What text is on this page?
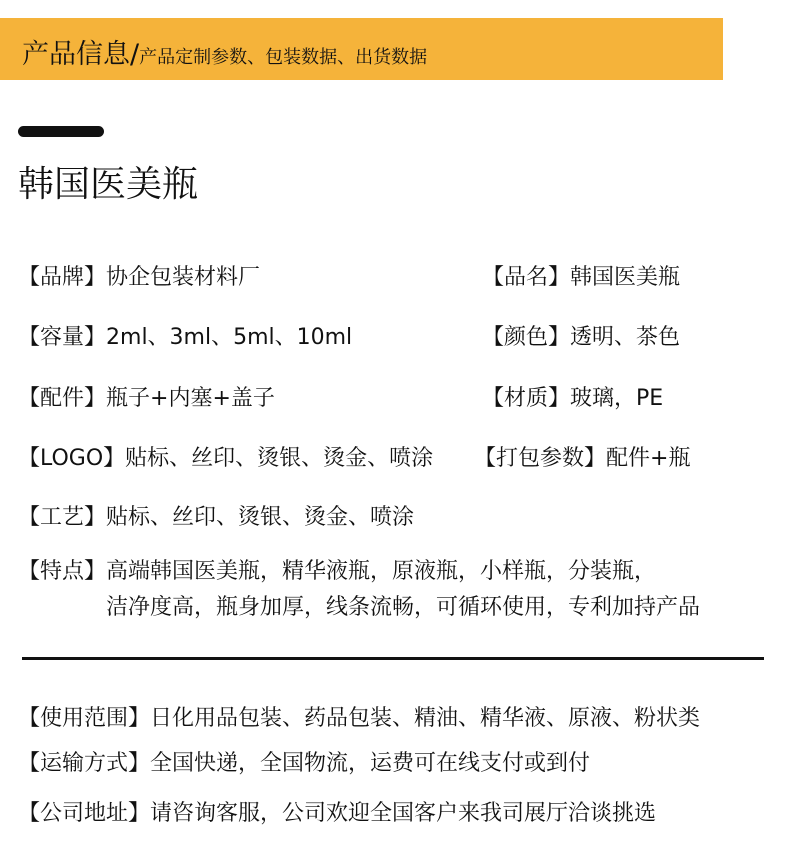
产品信息/产品定制参数、包装数据、出货数据
韩国医美瓶
【品牌】协企包装材料厂	【品名】韩国医美瓶
【容量】2ml、3ml、5ml、10ml	【颜色】透明、茶色
【配件】瓶子+内塞+盖子	【材质】玻璃，PE
【LOGO】贴标、丝印、烫银、烫金、喷涂 【打包参数】配件+瓶
【工艺】贴标、丝印、烫银、烫金、喷涂
【特点】高端韩国医美瓶，精华液瓶，原液瓶，小样瓶，分装瓶，
洁净度高，瓶身加厚，线条流畅，可循环使用，专利加持产品
【使用范围】日化用品包装、药品包装、精油、精华液、原液、粉状类
【运输方式】全国快递，全国物流，运费可在线支付或到付
【公司地址】请咨询客服，公司欢迎全国客户来我司展厅洽谈挑选
